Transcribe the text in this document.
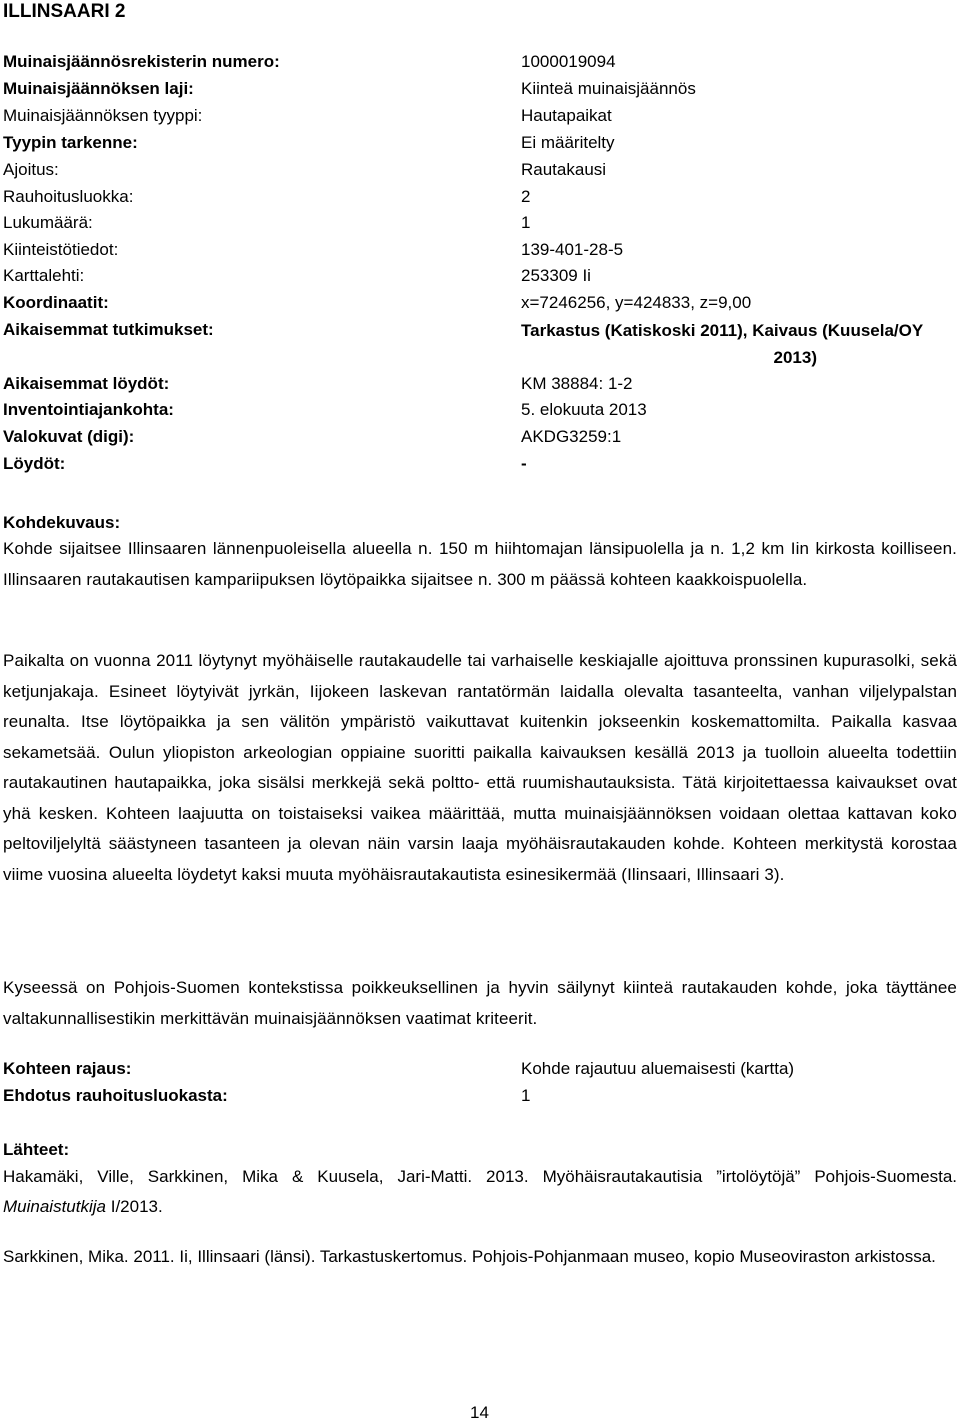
ILLINSAARI 2
Muinaisjäännösrekisterin numero:	1000019094
Muinaisjäännöksen laji:	Kiinteä muinaisjäännös
Muinaisjäännöksen tyyppi:	Hautapaikat
Tyypin tarkenne:	Ei määritelty
Ajoitus:	Rautakausi
Rauhoitusluokka:	2
Lukumäärä:	1
Kiinteistötiedot:	139-401-28-5
Karttalehti:	253309 Ii
Koordinaatit:	x=7246256, y=424833, z=9,00
Aikaisemmat tutkimukset:	Tarkastus (Katiskoski 2011), Kaivaus (Kuusela/OY
2013)
Aikaisemmat löydöt:	KM 38884: 1-2
Inventointiajankohta:	5. elokuuta 2013
Valokuvat (digi):	AKDG3259:1
Löydöt:	-
Kohdekuvaus:

Kohde sijaitsee Illinsaaren lännenpuoleisella alueella n. 150 m hiihtomajan länsipuolella ja n. 1,2 km Iin kirkosta koilliseen. Illinsaaren rautakautisen kampariipuksen löytöpaikka sijaitsee n. 300 m päässä kohteen kaakkoispuolella.

Paikalta on vuonna 2011 löytynyt myöhäiselle rautakaudelle tai varhaiselle keskiajalle ajoittuva pronssinen kupurasolki, sekä ketjunjakaja. Esineet löytyivät jyrkän, Iijokeen laskevan rantatörmän laidalla olevalta tasanteelta, vanhan viljelypalstan reunalta. Itse löytöpaikka ja sen välitön ympäristö vaikuttavat kuitenkin jokseenkin koskemattomilta. Paikalla kasvaa sekametsää. Oulun yliopiston arkeologian oppiaine suoritti paikalla kaivauksen kesällä 2013 ja tuolloin alueelta todettiin rautakautinen hautapaikka, joka sisälsi merkkejä sekä poltto- että ruumishautauksista. Tätä kirjoitettaessa kaivaukset ovat yhä kesken. Kohteen laajuutta on toistaiseksi vaikea määrittää, mutta muinaisjäännöksen voidaan olettaa kattavan koko peltoviljelyltä säästyneen tasanteen ja olevan näin varsin laaja myöhäisrautakauden kohde. Kohteen merkitystä korostaa viime vuosina alueelta löydetyt kaksi muuta myöhäisrautakautista esinesikermää (Ilinsaari, Illinsaari 3).

Kyseessä on Pohjois-Suomen kontekstissa poikkeuksellinen ja hyvin säilynyt kiinteä rautakauden kohde, joka täyttänee valtakunnallisestikin merkittävän muinaisjäännöksen vaatimat kriteerit.

Kohteen rajaus:	Kohde rajautuu aluemaisesti (kartta)
Ehdotus rauhoitusluokasta:	1
Lähteet:

Hakamäki, Ville, Sarkkinen, Mika & Kuusela, Jari-Matti. 2013. Myöhäisrautakautisia ”irtolöytöjä” Pohjois-Suomesta. Muinaistutkija I/2013.

Sarkkinen, Mika. 2011. Ii, Illinsaari (länsi). Tarkastuskertomus. Pohjois-Pohjanmaan museo, kopio Museoviraston arkistossa.

14
